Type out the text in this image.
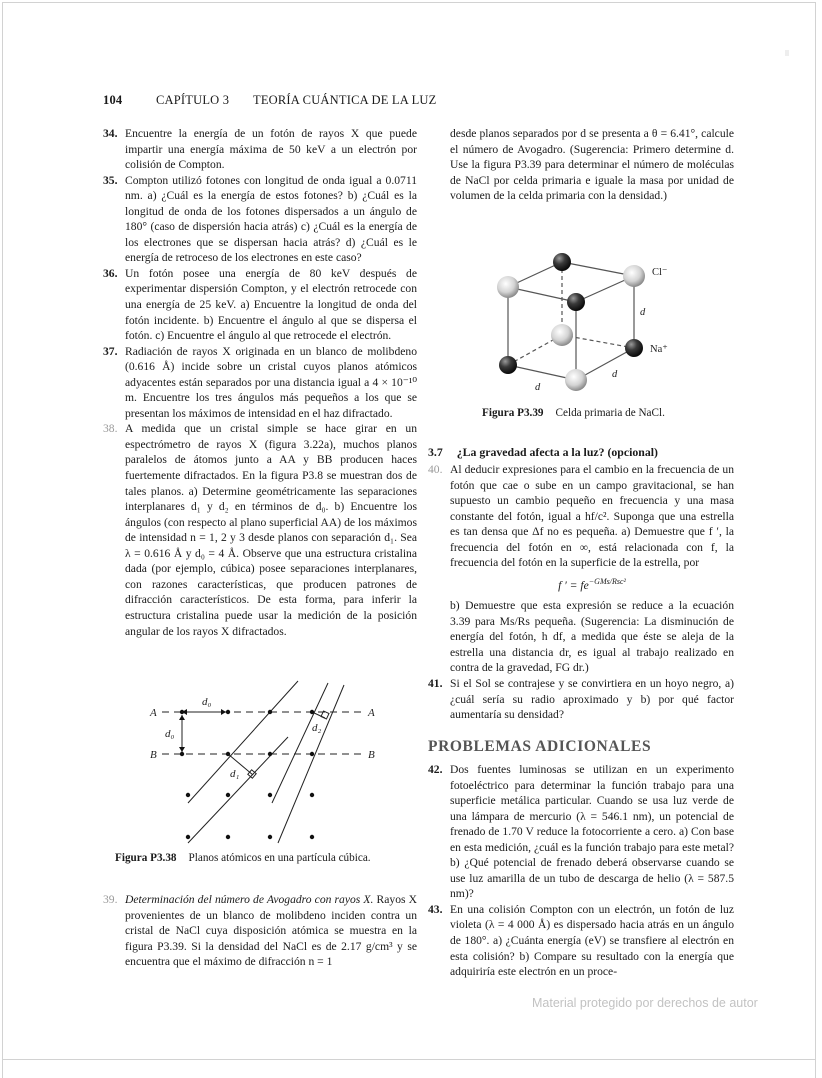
104	CAPÍTULO 3 TEORÍA CUÁNTICA DE LA LUZ
34. Encuentre la energía de un fotón de rayos X que puede impartir una energía máxima de 50 keV a un electrón por colisión de Compton.

35. Compton utilizó fotones con longitud de onda igual a 0.0711 nm. a) ¿Cuál es la energía de estos fotones? b) ¿Cuál es la longitud de onda de los fotones dispersados a un ángulo de 180° (caso de dispersión hacia atrás) c) ¿Cuál es la energía de los electrones que se dispersan hacia atrás? d) ¿Cuál es le energía de retroceso de los electrones en este caso?

36. Un fotón posee una energía de 80 keV después de experimentar dispersión Compton, y el electrón retrocede con una energía de 25 keV. a) Encuentre la longitud de onda del fotón incidente. b) Encuentre el ángulo al que se dispersa el fotón. c) Encuentre el ángulo al que retrocede el electrón.

37. Radiación de rayos X originada en un blanco de molibdeno (0.616 Å) incide sobre un cristal cuyos planos atómicos adyacentes están separados por una distancia igual a 4 × 10⁻¹⁰ m. Encuentre los tres ángulos más pequeños a los que se presentan los máximos de intensidad en el haz difractado.

38. A medida que un cristal simple se hace girar en un espectrómetro de rayos X (figura 3.22a), muchos planos paralelos de átomos junto a AA y BB producen haces fuertemente difractados. En la figura P3.8 se muestran dos de tales planos. a) Determine geométricamente las separaciones interplanares d₁ y d₂ en términos de d₀. b) Encuentre los ángulos (con respecto al plano superficial AA) de los máximos de intensidad n = 1, 2 y 3 desde planos con separación d₁. Sea λ = 0.616 Å y d₀ = 4 Å. Observe que una estructura cristalina dada (por ejemplo, cúbica) posee separaciones interplanares, con razones características, que producen patrones de difracción característicos. De esta forma, para inferir la estructura cristalina puede usar la medición de la posición angular de los rayos X difractados.

A	A
B	B
d₀
d₀
d₁
d₂
Figura P3.38 Planos atómicos en una partícula cúbica.
39. Determinación del número de Avogadro con rayos X. Rayos X provenientes de un blanco de molibdeno inciden contra un cristal de NaCl cuya disposición atómica se muestra en la figura P3.39. Si la densidad del NaCl es de 2.17 g/cm³ y se encuentra que el máximo de difracción n = 1

desde planos separados por d se presenta a θ = 6.41°, calcule el número de Avogadro. (Sugerencia: Primero determine d. Use la figura P3.39 para determinar el número de moléculas de NaCl por celda primaria e iguale la masa por unidad de volumen de la celda primaria con la densidad.)

Cl⁻
Na⁺
d
d
d
Figura P3.39 Celda primaria de NaCl.
3.7 ¿La gravedad afecta a la luz? (opcional)
40. Al deducir expresiones para el cambio en la frecuencia de un fotón que cae o sube en un campo gravitacional, se han supuesto un cambio pequeño en frecuencia y una masa constante del fotón, igual a hf/c². Suponga que una estrella es tan densa que Δf no es pequeña. a) Demuestre que f ′, la frecuencia del fotón en ∞, está relacionada con f, la frecuencia del fotón en la superficie de la estrella, por

f ′ = $fe^{-GMs/Rsc^2}$

b) Demuestre que esta expresión se reduce a la ecuación 3.39 para Ms/Rs pequeña. (Sugerencia: La disminución de energía del fotón, h df, a medida que éste se aleja de la estrella una distancia dr, es igual al trabajo realizado en contra de la gravedad, FG dr.)

41. Si el Sol se contrajese y se convirtiera en un hoyo negro, a) ¿cuál sería su radio aproximado y b) por qué factor aumentaría su densidad?

PROBLEMAS ADICIONALES
42. Dos fuentes luminosas se utilizan en un experimento fotoeléctrico para determinar la función trabajo para una superficie metálica particular. Cuando se usa luz verde de una lámpara de mercurio (λ = 546.1 nm), un potencial de frenado de 1.70 V reduce la fotocorriente a cero. a) Con base en esta medición, ¿cuál es la función trabajo para este metal? b) ¿Qué potencial de frenado deberá observarse cuando se use luz amarilla de un tubo de descarga de helio (λ = 587.5 nm)?

43. En una colisión Compton con un electrón, un fotón de luz violeta (λ = 4 000 Å) es dispersado hacia atrás en un ángulo de 180°. a) ¿Cuánta energía (eV) se transfiere al electrón en esta colisión? b) Compare su resultado con la energía que adquiriría este electrón en un proce-

Material protegido por derechos de autor
